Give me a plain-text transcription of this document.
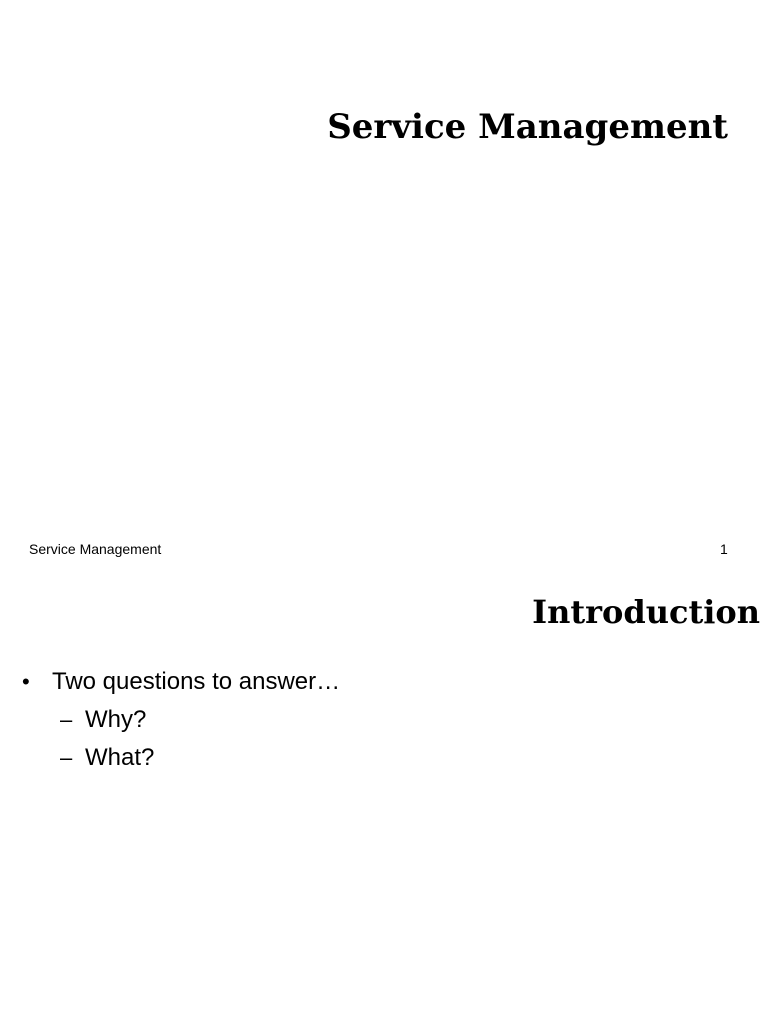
Service Management
Service Management	1
Introduction
• Two questions to answer…
– Why?
– What?
